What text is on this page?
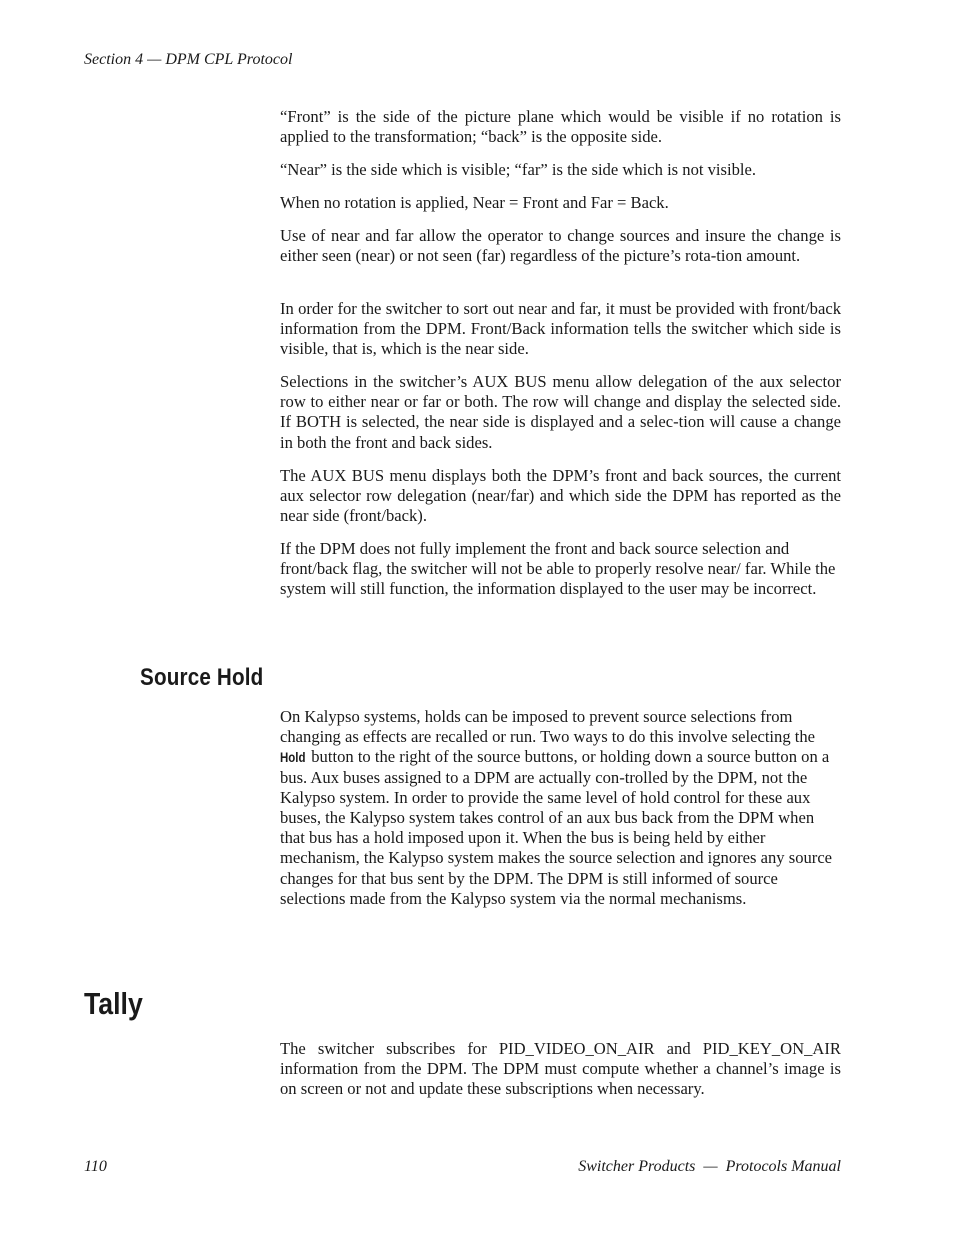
Section 4 — DPM CPL Protocol

“Front” is the side of the picture plane which would be visible if no rotation is applied to the transformation; “back” is the opposite side.

“Near” is the side which is visible; “far” is the side which is not visible.

When no rotation is applied, Near = Front and Far = Back.

Use of near and far allow the operator to change sources and insure the change is either seen (near) or not seen (far) regardless of the picture’s rota-tion amount.

In order for the switcher to sort out near and far, it must be provided with front/back information from the DPM. Front/Back information tells the switcher which side is visible, that is, which is the near side.

Selections in the switcher’s AUX BUS menu allow delegation of the aux selector row to either near or far or both. The row will change and display the selected side. If BOTH is selected, the near side is displayed and a selec-tion will cause a change in both the front and back sides.

The AUX BUS menu displays both the DPM’s front and back sources, the current aux selector row delegation (near/far) and which side the DPM has reported as the near side (front/back).

If the DPM does not fully implement the front and back source selection and front/back flag, the switcher will not be able to properly resolve near/ far. While the system will still function, the information displayed to the user may be incorrect.

Source Hold

On Kalypso systems, holds can be imposed to prevent source selections from changing as effects are recalled or run. Two ways to do this involve selecting the Hold button to the right of the source buttons, or holding down a source button on a bus. Aux buses assigned to a DPM are actually con-trolled by the DPM, not the Kalypso system. In order to provide the same level of hold control for these aux buses, the Kalypso system takes control of an aux bus back from the DPM when that bus has a hold imposed upon it. When the bus is being held by either mechanism, the Kalypso system makes the source selection and ignores any source changes for that bus sent by the DPM. The DPM is still informed of source selections made from the Kalypso system via the normal mechanisms.

Tally

The switcher subscribes for PID_VIDEO_ON_AIR and PID_KEY_ON_AIR information from the DPM. The DPM must compute whether a channel’s image is on screen or not and update these subscriptions when necessary.

110	Switcher Products  —  Protocols Manual
